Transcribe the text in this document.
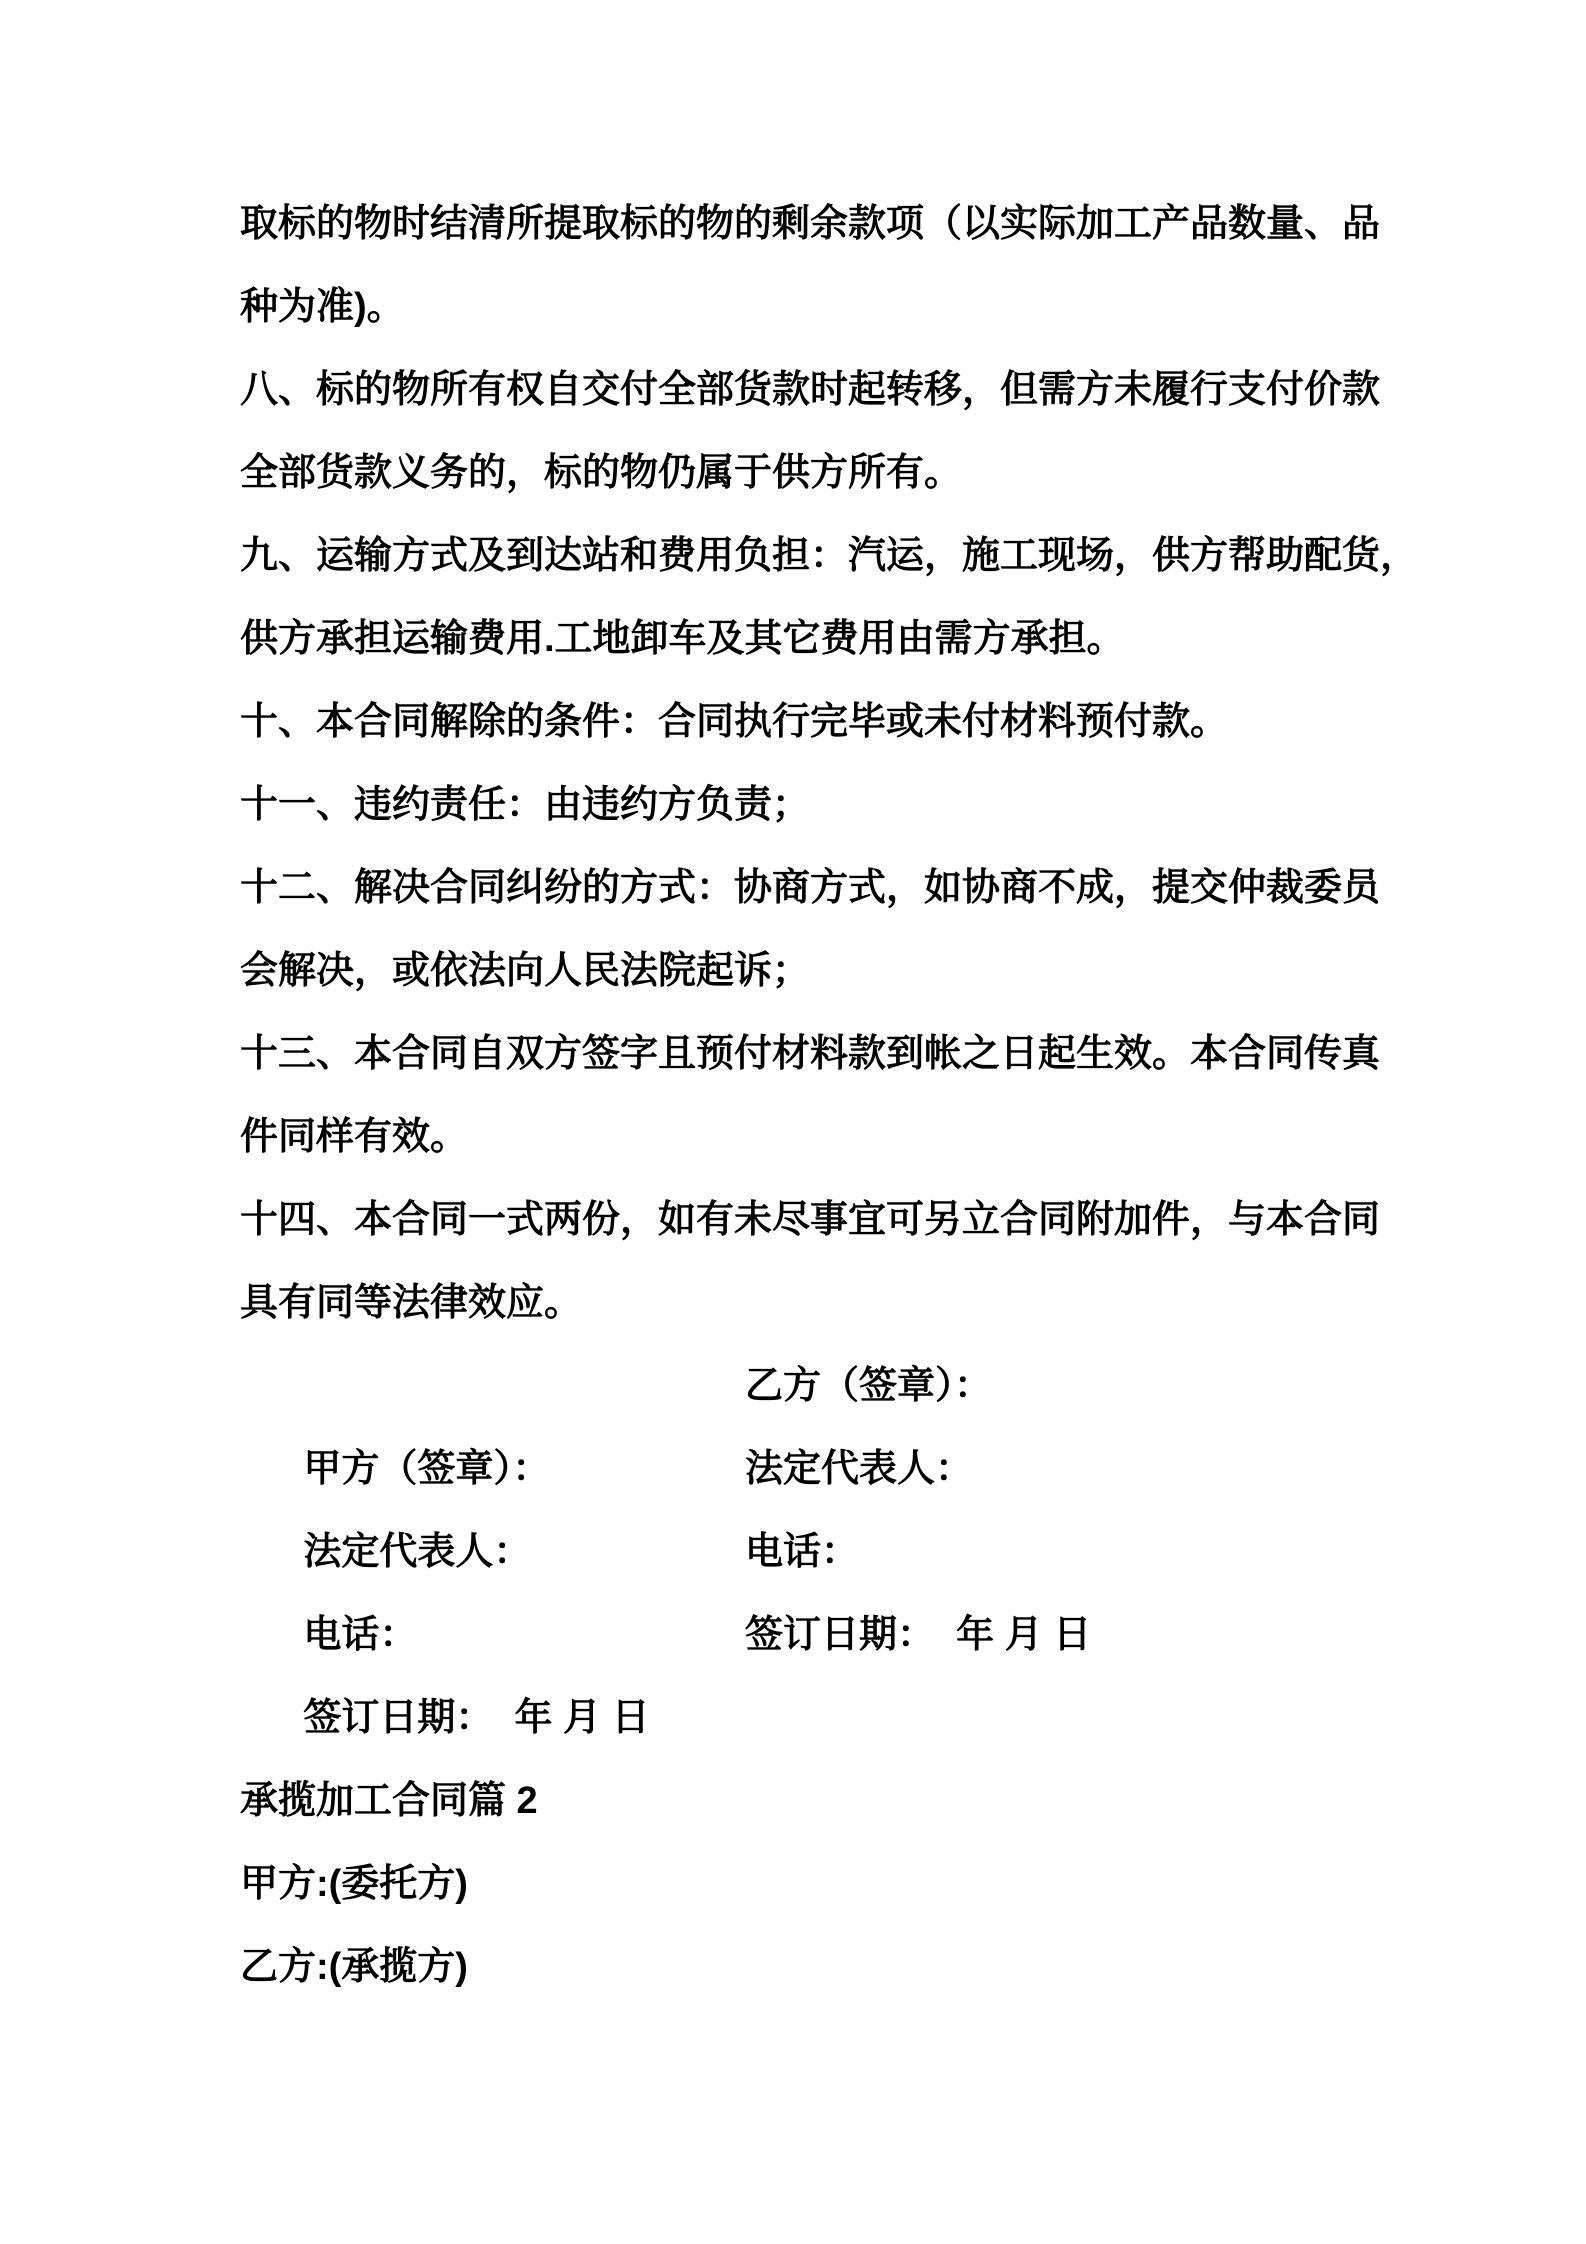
取标的物时结清所提取标的物的剩余款项（以实际加工产品数量、品
种为准)。
八、标的物所有权自交付全部货款时起转移，但需方未履行支付价款
全部货款义务的，标的物仍属于供方所有。
九、运输方式及到达站和费用负担：汽运，施工现场，供方帮助配货，
供方承担运输费用.工地卸车及其它费用由需方承担。
十、本合同解除的条件：合同执行完毕或未付材料预付款。
十一、违约责任：由违约方负责；
十二、解决合同纠纷的方式：协商方式，如协商不成，提交仲裁委员
会解决，或依法向人民法院起诉；
十三、本合同自双方签字且预付材料款到帐之日起生效。本合同传真
件同样有效。
十四、本合同一式两份，如有未尽事宜可另立合同附加件，与本合同
具有同等法律效应。

甲方（签章）：

乙方（签章）：

法定代表人：

法定代表人：

电话：

电话：

签订日期：  年 月 日

签订日期：  年 月 日

承揽加工合同篇 2
甲方:(委托方)
乙方:(承揽方)
